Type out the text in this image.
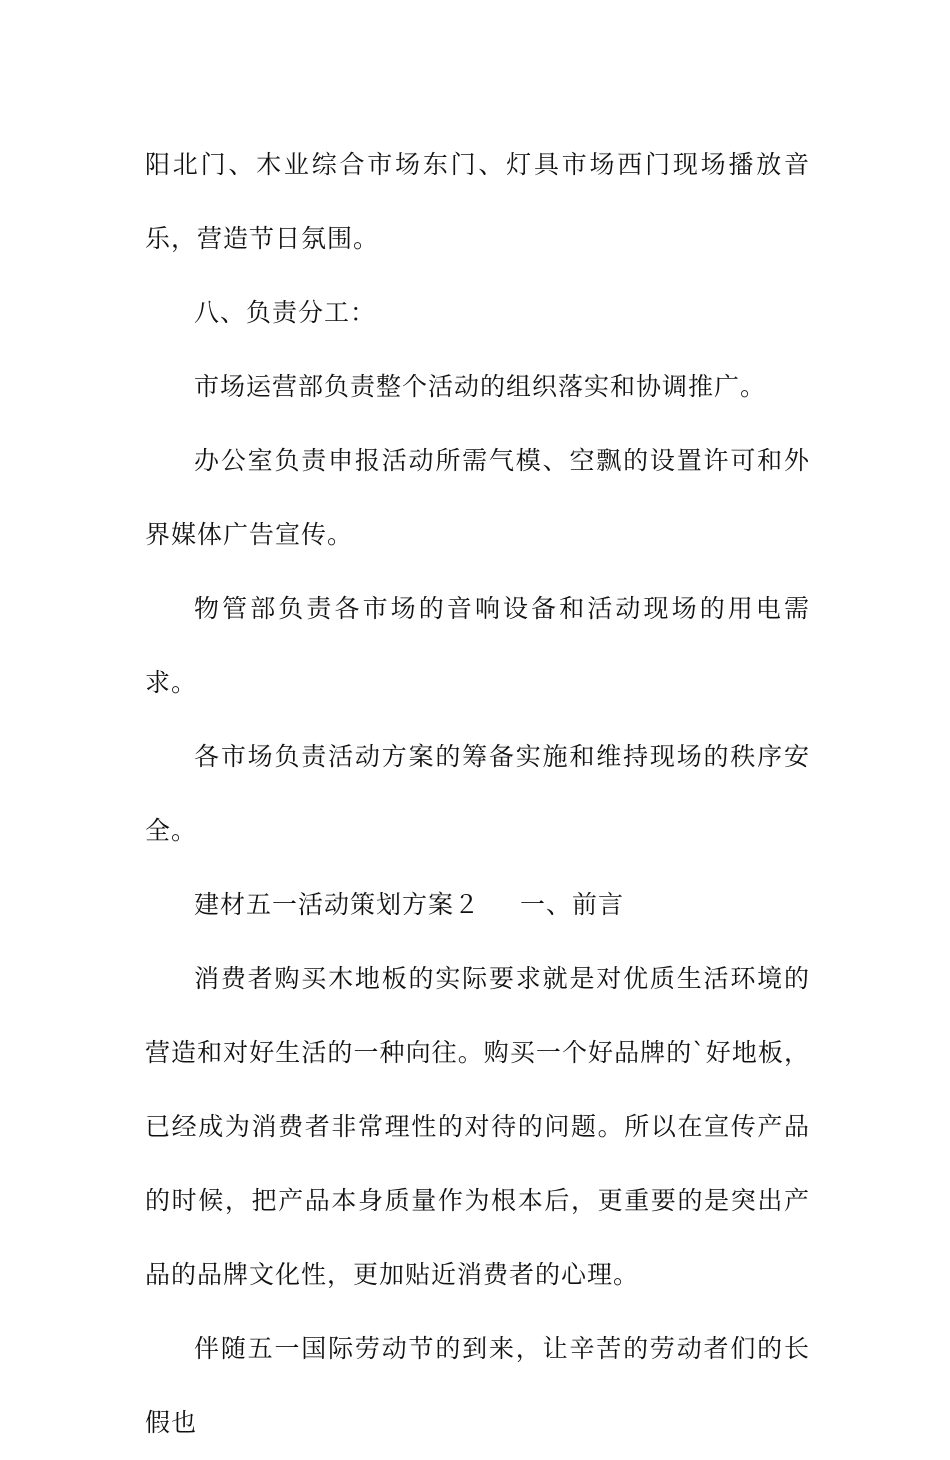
阳北门、木业综合市场东门、灯具市场西门现场播放音乐，营造节日氛围。

八、负责分工：

市场运营部负责整个活动的组织落实和协调推广。

办公室负责申报活动所需气模、空飘的设置许可和外界媒体广告宣传。

物管部负责各市场的音响设备和活动现场的用电需求。

各市场负责活动方案的筹备实施和维持现场的秩序安全。

建材五一活动策划方案２ 一、前言

消费者购买木地板的实际要求就是对优质生活环境的营造和对好生活的一种向往。购买一个好品牌的`好地板，已经成为消费者非常理性的对待的问题。所以在宣传产品的时候，把产品本身质量作为根本后，更重要的是突出产品的品牌文化性，更加贴近消费者的心理。

伴随五一国际劳动节的到来，让辛苦的劳动者们的长假也
